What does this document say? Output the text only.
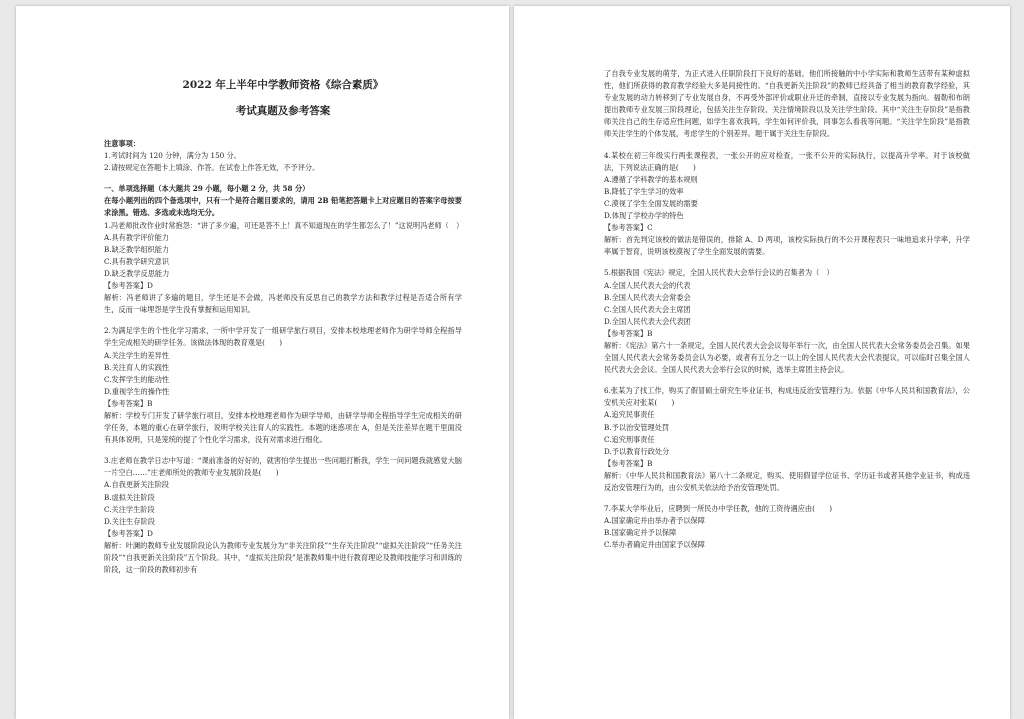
2022 年上半年中学教师资格《综合素质》

考试真题及参考答案

注意事项：

1.考试时间为 120 分钟，满分为 150 分。

2.请按规定在答题卡上填涂、作答。在试卷上作答无效，不予评分。

一、单项选择题（本大题共 29 小题，每小题 2 分，共 58 分）

在每小题列出的四个备选项中，只有一个是符合题目要求的，请用 2B 铅笔把答题卡上对应题目的答案字母按要求涂黑。错选、多选或未选均无分。

1.冯老师批改作业时常抱怨：“讲了多少遍，可还是答不上！真不知道现在的学生都怎么了！”这说明冯老师（　）

A.具有教学评价能力

B.缺乏教学组织能力

C.具有教学研究意识

D.缺乏教学反思能力

【参考答案】D

解析：冯老师讲了多遍的题目，学生还是不会做，冯老师没有反思自己的教学方法和教学过程是否适合所有学生，反而一味埋怨是学生没有掌握和运用知识。

2.为满足学生的个性化学习需求，一所中学开发了一组研学旅行项目，安排本校地理老师作为研学导师全程指导学生完成相关的研学任务。该做法体现的教育观是(　　)

A.关注学生的差异性

B.关注育人的实践性

C.发挥学生的能动性

D.重视学生的操作性

【参考答案】B

解析：学校专门开发了研学旅行项目，安排本校地理老师作为研学导师，由研学导师全程指导学生完成相关的研学任务，本题的重心在研学旅行，说明学校关注育人的实践性。本题的迷惑项在 A，但是关注差异在题干里面没有具体说明，只是笼统的提了个性化学习需求，没有对需求进行细化。

3.庄老师在教学日志中写道：“课前准备的好好的，就害怕学生提出一些问题打断我，学生一问问题我就感觉大脑一片空白……”庄老师所处的教师专业发展阶段是(　　)

A.自我更新关注阶段

B.虚拟关注阶段

C.关注学生阶段

D.关注生存阶段

【参考答案】D

解析：叶澜的教师专业发展阶段论认为教师专业发展分为“非关注阶段”“生存关注阶段”“虚拟关注阶段”“任务关注阶段”“自我更新关注阶段”五个阶段。其中，“虚拟关注阶段”是准教师集中进行教育理论及教师技能学习和训练的阶段，这一阶段的教师初步有

了自我专业发展的萌芽，为正式进入任职阶段打下良好的基础，他们所接触的中小学实际和教师生活带有某种虚拟性，他们所获得的教育教学经验大多是间接性的。“自我更新关注阶段”的教师已经具备了相当的教育教学经验，其专业发展的动力转移到了专业发展自身，不再受外部评价或职业升迁的牵制，直接以专业发展为指向。福勒和布朗提出教师专业发展三阶段理论，包括关注生存阶段、关注情境阶段以及关注学生阶段。其中“关注生存阶段”是指教师关注自己的生存适应性问题，如学生喜欢我吗，学生如何评价我，同事怎么看我等问题。“关注学生阶段”是指教师关注学生的个体发展，考虑学生的个别差异。题干属于关注生存阶段。

4.某校在初三年级实行两张课程表，一张公开的应对检查，一张不公开的实际执行，以提高升学率。对于该校做法，下列说法正确的是(　　)

A.遵循了学科教学的基本规则

B.降低了学生学习的效率

C.漠视了学生全面发展的需要

D.体现了学校办学的特色

【参考答案】C

解析：首先判定该校的做法是错误的，排除 A、D 两项，该校实际执行的不公开课程表只一味地追求升学率，升学率属于智育，说明该校漠视了学生全面发展的需要。

5.根据我国《宪法》规定，全国人民代表大会举行会议的召集者为（　）

A.全国人民代表大会的代表

B.全国人民代表大会常委会

C.全国人民代表大会主席团

D.全国人民代表大会代表团

【参考答案】B

解析：《宪法》第六十一条规定，全国人民代表大会会议每年举行一次，由全国人民代表大会常务委员会召集。如果全国人民代表大会常务委员会认为必要，或者有五分之一以上的全国人民代表大会代表提议，可以临时召集全国人民代表大会会议。全国人民代表大会举行会议的时候，选举主席团主持会议。

6.张某为了找工作，购买了假冒硕士研究生毕业证书，构成违反治安管理行为。依据《中华人民共和国教育法》，公安机关应对张某(　　)

A.追究民事责任

B.予以治安管理处罚

C.追究刑事责任

D.予以教育行政处分

【参考答案】B

解析：《中华人民共和国教育法》第八十二条规定，购买、使用假冒学位证书、学历证书或者其他学业证书，构成违反治安管理行为的，由公安机关依法给予治安管理处罚。

7.李某大学毕业后，应聘到一所民办中学任教，他的工资待遇应由(　　)

A.国家确定并由举办者予以保障

B.国家确定并予以保障

C.举办者确定并由国家予以保障
